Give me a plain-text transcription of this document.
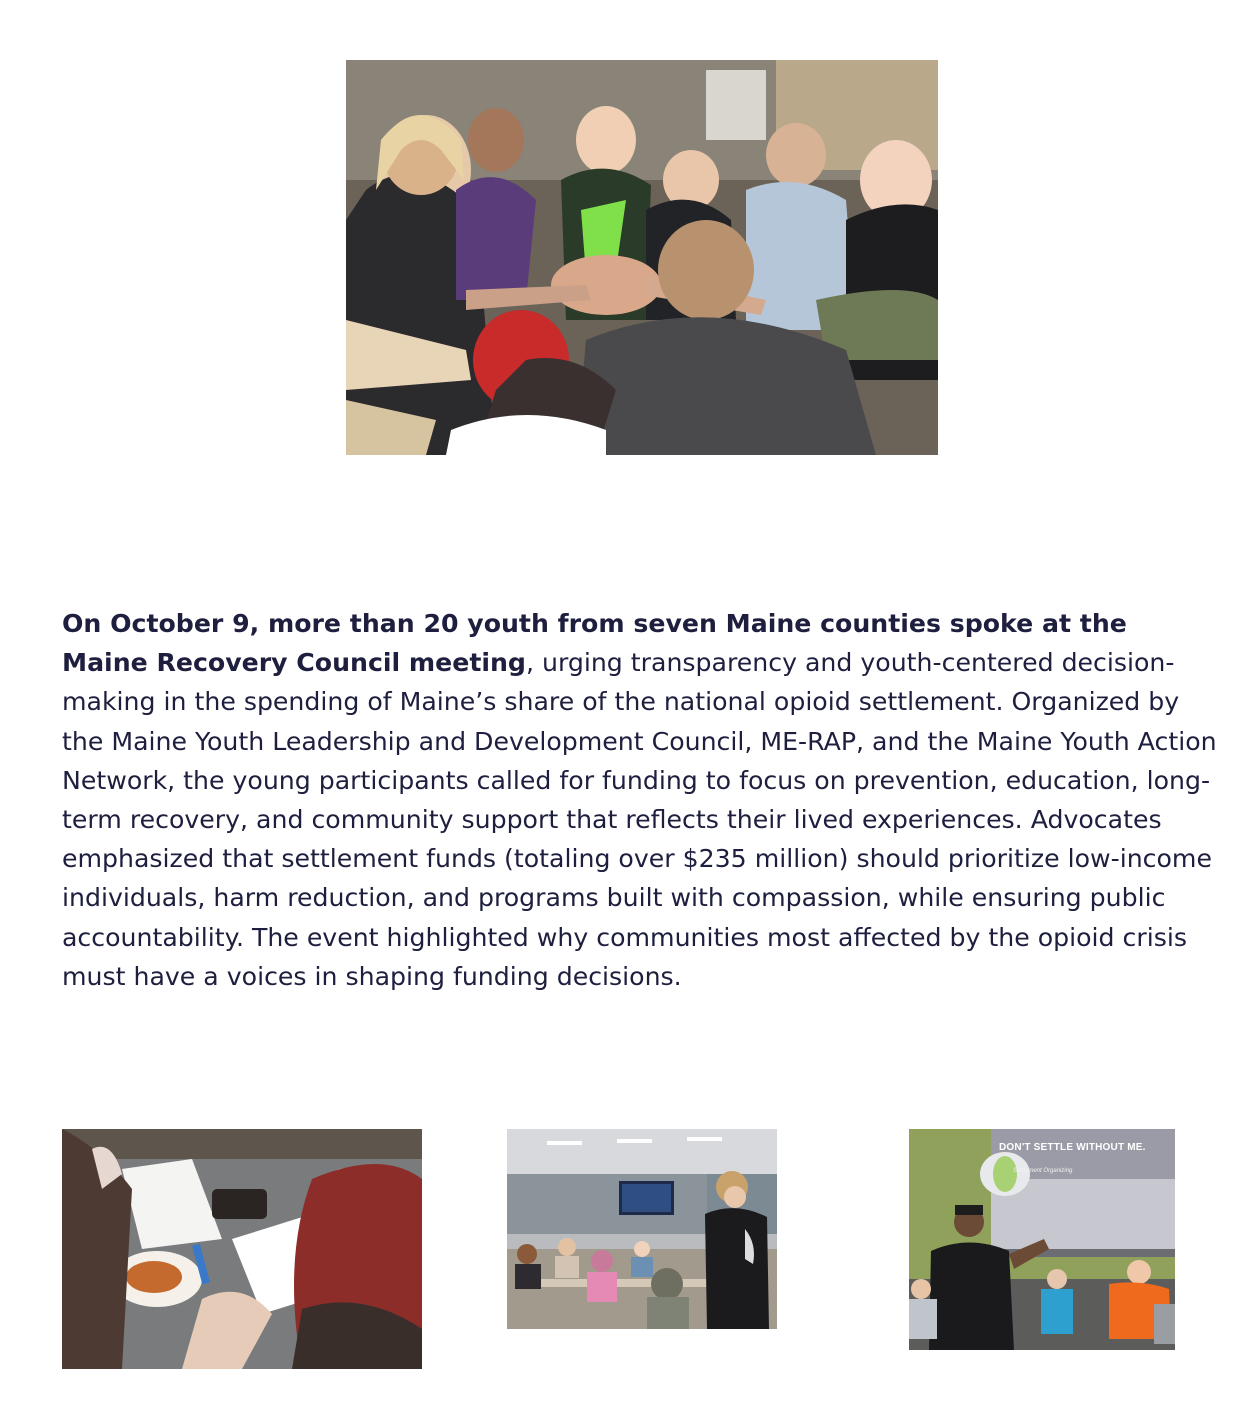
On October 9, more than 20 youth from seven Maine counties spoke at the Maine Recovery Council meeting, urging transparency and youth-centered decision-making in the spending of Maine’s share of the national opioid settlement. Organized by the Maine Youth Leadership and Development Council, ME-RAP, and the Maine Youth Action Network, the young participants called for funding to focus on prevention, education, long-term recovery, and community support that reflects their lived experiences. Advocates emphasized that settlement funds (totaling over $235 million) should prioritize low-income individuals, harm reduction, and programs built with compassion, while ensuring public accountability. The event highlighted why communities most affected by the opioid crisis must have a voices in shaping funding decisions.

DON'T SETTLE WITHOUT ME.
Settlement Organizing
